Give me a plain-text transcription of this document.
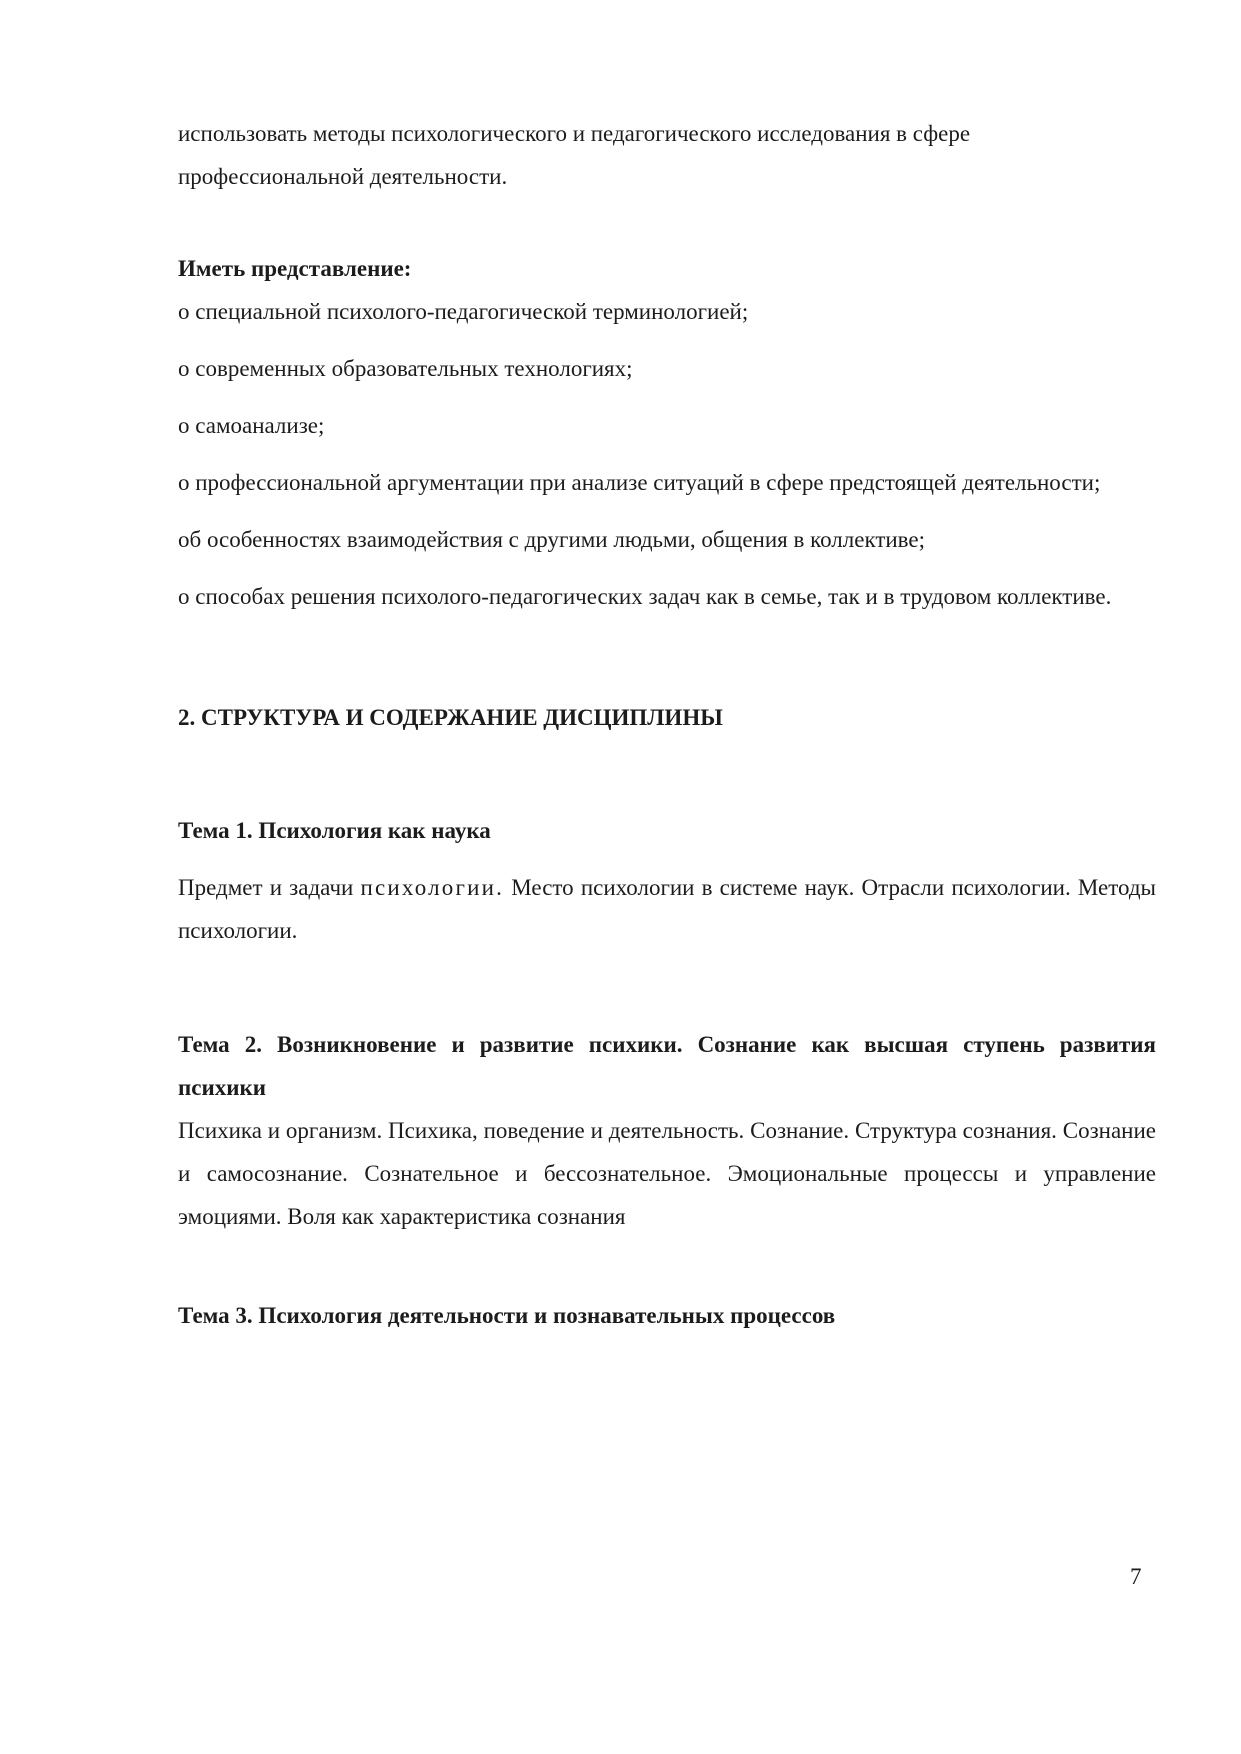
использовать методы психологического и педагогического исследования в сфере профессиональной деятельности.

Иметь представление:

о специальной психолого-педагогической терминологией;

о современных образовательных технологиях;

о самоанализе;

о профессиональной аргументации при анализе ситуаций в сфере предстоящей деятельности;

об особенностях взаимодействия с другими людьми, общения в коллективе;

о способах решения психолого-педагогических задач как в семье, так и в трудовом коллективе.

2. СТРУКТУРА И СОДЕРЖАНИЕ ДИСЦИПЛИНЫ

Тема 1. Психология как наука

Предмет и задачи психологии. Место психологии в системе наук. Отрасли психологии. Методы психологии.

Тема 2. Возникновение и развитие психики. Сознание как высшая ступень развития психики

Психика и организм. Психика, поведение и деятельность. Сознание. Структура сознания. Сознание и самосознание. Сознательное и бессознательное. Эмоциональные процессы и управление эмоциями. Воля как характеристика сознания

Тема 3. Психология деятельности и познавательных процессов

7
